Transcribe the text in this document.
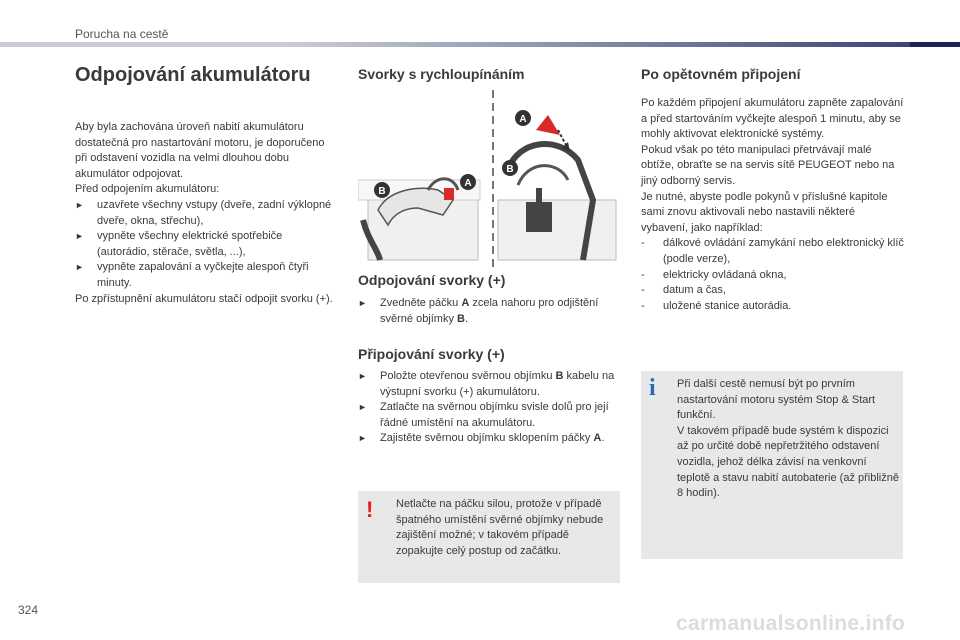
Porucha na cestě
Odpojování akumulátoru
Aby byla zachována úroveň nabití akumulátoru dostatečná pro nastartování motoru, je doporučeno při odstavení vozidla na velmi dlouhou dobu akumulátor odpojovat.
Před odpojením akumulátoru:
► uzavřete všechny vstupy (dveře, zadní výklopné dveře, okna, střechu),
► vypněte všechny elektrické spotřebiče (autorádio, stěrače, světla, ...),
► vypněte zapalování a vyčkejte alespoň čtyři minuty.
Po zpřístupnění akumulátoru stačí odpojit svorku (+).
Svorky s rychloupínáním
B
A
A
B
Odpojování svorky (+)
► Zvedněte páčku A zcela nahoru pro odjištění svěrné objímky B.
Připojování svorky (+)
► Položte otevřenou svěrnou objímku B kabelu na výstupní svorku (+) akumulátoru.
► Zatlačte na svěrnou objímku svisle dolů pro její řádné umístění na akumulátoru.
► Zajistěte svěrnou objímku sklopením páčky A.
! Netlačte na páčku silou, protože v případě špatného umístění svěrné objímky nebude zajištění možné; v takovém případě zopakujte celý postup od začátku.
Po opětovném připojení
Po každém připojení akumulátoru zapněte zapalování a před startováním vyčkejte alespoň 1 minutu, aby se mohly aktivovat elektronické systémy.
Pokud však po této manipulaci přetrvávají malé obtíže, obraťte se na servis sítě PEUGEOT nebo na jiný odborný servis.
Je nutné, abyste podle pokynů v příslušné kapitole sami znovu aktivovali nebo nastavili některé vybavení, jako například:
- dálkové ovládání zamykání nebo elektronický klíč (podle verze),
- elektricky ovládaná okna,
- datum a čas,
- uložené stanice autorádia.
i Při další cestě nemusí být po prvním nastartování motoru systém Stop & Start funkční.
V takovém případě bude systém k dispozici až po určité době nepřetržitého odstavení vozidla, jehož délka závisí na venkovní teplotě a stavu nabití autobaterie (až přibližně 8 hodin).
324
carmanualsonline.info
